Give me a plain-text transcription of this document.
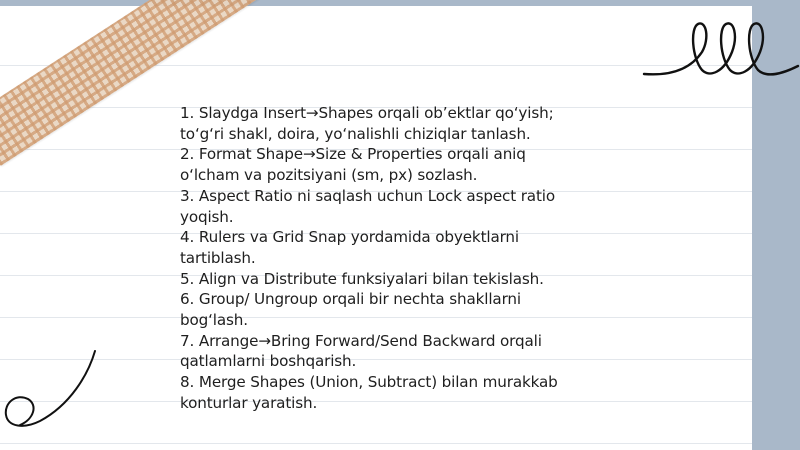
1. Slaydga Insert→Shapes orqali ob’ektlar qo‘yish;
to‘g‘ri shakl, doira, yo‘nalishli chiziqlar tanlash.
2. Format Shape→Size & Properties orqali aniq
o‘lcham va pozitsiyani (sm, px) sozlash.
3. Aspect Ratio ni saqlash uchun Lock aspect ratio
yoqish.
4. Rulers va Grid Snap yordamida obyektlarni
tartiblash.
5. Align va Distribute funksiyalari bilan tekislash.
6. Group/ Ungroup orqali bir nechta shakllarni
bog‘lash.
7. Arrange→Bring Forward/Send Backward orqali
qatlamlarni boshqarish.
8. Merge Shapes (Union, Subtract) bilan murakkab
konturlar yaratish.
